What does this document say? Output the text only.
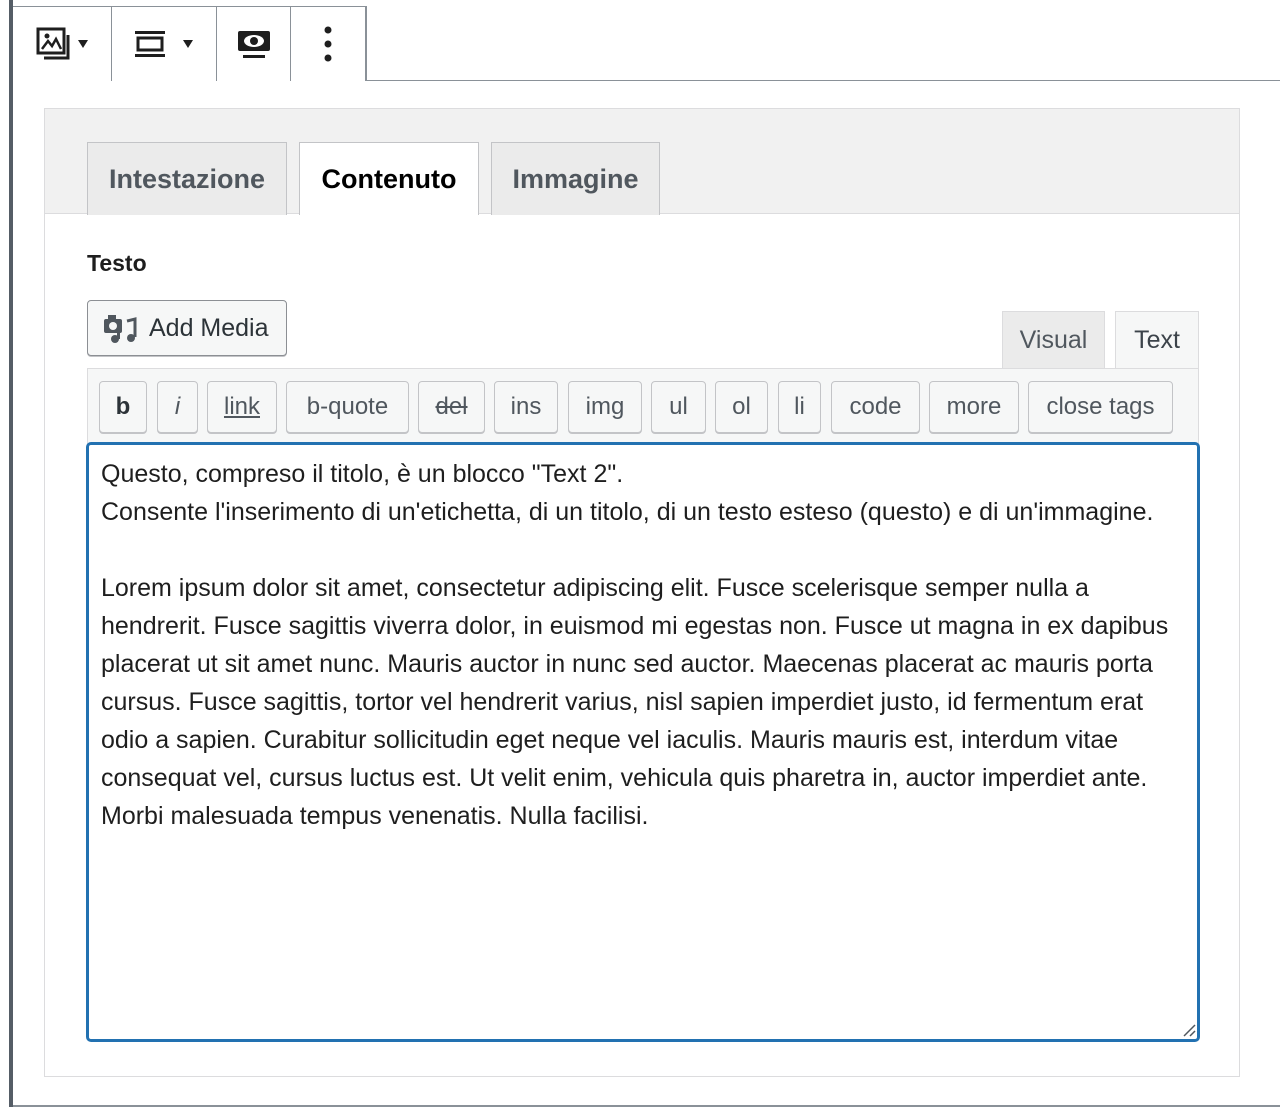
Intestazione	Contenuto	Immagine
Testo
Add Media	Visual	Text
b	i	link	b-quote	del	ins	img	ul	ol	li	code	more	close tags
Questo, compreso il titolo, è un blocco "Text 2".
Consente l'inserimento di un'etichetta, di un titolo, di un testo esteso (questo) e di un'immagine.

Lorem ipsum dolor sit amet, consectetur adipiscing elit. Fusce scelerisque semper nulla a hendrerit. Fusce sagittis viverra dolor, in euismod mi egestas non. Fusce ut magna in ex dapibus placerat ut sit amet nunc. Mauris auctor in nunc sed auctor. Maecenas placerat ac mauris porta cursus. Fusce sagittis, tortor vel hendrerit varius, nisl sapien imperdiet justo, id fermentum erat odio a sapien. Curabitur sollicitudin eget neque vel iaculis. Mauris mauris est, interdum vitae consequat vel, cursus luctus est. Ut velit enim, vehicula quis pharetra in, auctor imperdiet ante. Morbi malesuada tempus venenatis. Nulla facilisi.
